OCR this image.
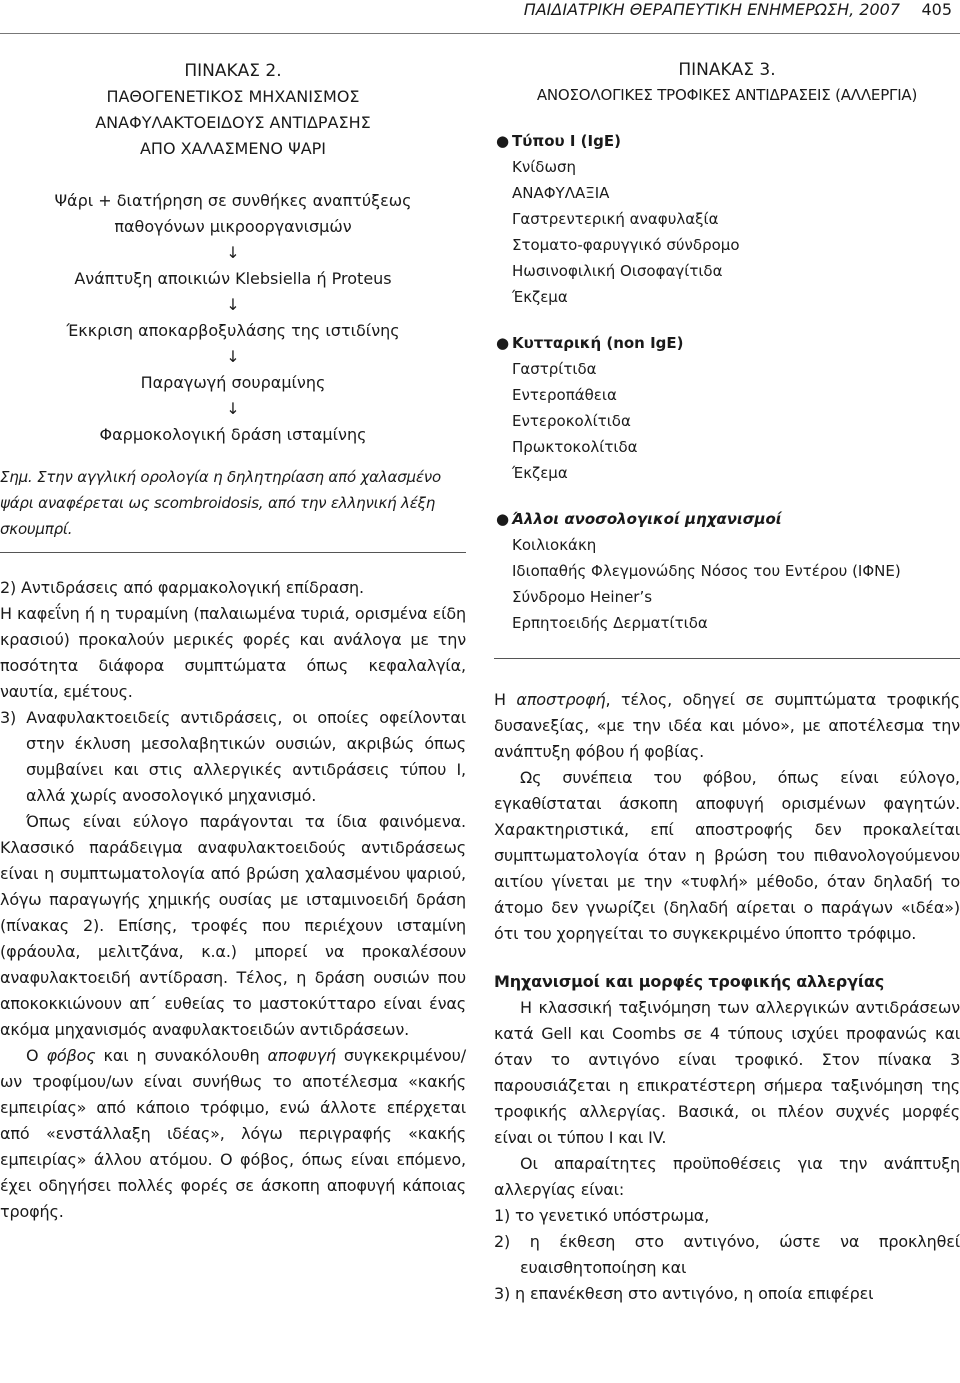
ΠΑΙΔΙΑΤΡΙΚΗ ΘΕΡΑΠΕΥΤΙΚΗ ΕΝΗΜΕΡΩΣΗ, 2007 405
ΠΙΝΑΚΑΣ 2.
ΠΑΘΟΓΕΝΕΤΙΚΟΣ ΜΗΧΑΝΙΣΜΟΣ
ΑΝΑΦΥΛΑΚΤΟΕΙΔΟΥΣ ΑΝΤΙΔΡΑΣΗΣ
ΑΠΟ ΧΑΛΑΣΜΕΝΟ ΨΑΡΙ
Ψάρι + διατήρηση σε συνθήκες αναπτύξεως
παθογόνων μικροοργανισμών
↓
Ανάπτυξη αποικιών Klebsiella ή Proteus
↓
Έκκριση αποκαρβοξυλάσης της ιστιδίνης
↓
Παραγωγή σουραμίνης
↓
Φαρμοκολογική δράση ισταμίνης

Σημ. Στην αγγλική ορολογία η δηλητηρίαση από χαλασμένο ψάρι αναφέρεται ως scombroidosis, από την ελληνική λέξη σκουμπρί.

2) Αντιδράσεις από φαρμακολογική επίδραση.

Η καφεΐνη ή η τυραμίνη (παλαιωμένα τυριά, ορισμένα είδη κρασιού) προκαλούν μερικές φορές και ανάλογα με την ποσότητα διάφορα συμπτώματα όπως κεφαλαλγία, ναυτία, εμέτους.

3) Αναφυλακτοειδείς αντιδράσεις, οι οποίες οφείλονται στην έκλυση μεσολαβητικών ουσιών, ακριβώς όπως συμβαίνει και στις αλλεργικές αντιδράσεις τύπου Ι, αλλά χωρίς ανοσολογικό μηχανισμό.

Όπως είναι εύλογο παράγονται τα ίδια φαινόμενα. Κλασσικό παράδειγμα αναφυλακτοειδούς αντιδράσεως είναι η συμπτωματολογία από βρώση χαλασμένου ψαριού, λόγω παραγωγής χημικής ουσίας με ισταμινοειδή δράση (πίνακας 2). Επίσης, τροφές που περιέχουν ισταμίνη (φράουλα, μελιτζάνα, κ.α.) μπορεί να προκαλέσουν αναφυλακτοειδή αντίδραση. Τέλος, η δράση ουσιών που αποκοκκιώνουν απ΄ ευθείας το μαστοκύτταρο είναι ένας ακόμα μηχανισμός αναφυλακτοειδών αντιδράσεων.

Ο φόβος και η συνακόλουθη αποφυγή συγκεκριμένου/ων τροφίμου/ων είναι συνήθως το αποτέλεσμα «κακής εμπειρίας» από κάποιο τρόφιμο, ενώ άλλοτε επέρχεται από «ενστάλλαξη ιδέας», λόγω περιγραφής «κακής εμπειρίας» άλλου ατόμου. Ο φόβος, όπως είναι επόμενο, έχει οδηγήσει πολλές φορές σε άσκοπη αποφυγή κάποιας τροφής.

ΠΙΝΑΚΑΣ 3.
ΑΝΟΣΟΛΟΓΙΚΕΣ ΤΡΟΦΙΚΕΣ ΑΝΤΙΔΡΑΣΕΙΣ (ΑΛΛΕΡΓΙΑ)
● Τύπου Ι (IgE)
Κνίδωση
ΑΝΑΦΥΛΑΞΙΑ
Γαστρεντερική αναφυλαξία
Στοματο-φαρυγγικό σύνδρομο
Ηωσινοφιλική Οισοφαγίτιδα
Έκζεμα
● Κυτταρική (non IgE)
Γαστρίτιδα
Εντεροπάθεια
Εντεροκολίτιδα
Πρωκτοκολίτιδα
Έκζεμα
● Άλλοι ανοσολογικοί μηχανισμοί
Κοιλιοκάκη
Ιδιοπαθής Φλεγμονώδης Νόσος του Εντέρου (ΙΦΝΕ)
Σύνδρομο Heiner’s
Ερπητοειδής Δερματίτιδα

Η αποστροφή, τέλος, οδηγεί σε συμπτώματα τροφικής δυσανεξίας, «με την ιδέα και μόνο», με αποτέλεσμα την ανάπτυξη φόβου ή φοβίας.

Ως συνέπεια του φόβου, όπως είναι εύλογο, εγκαθίσταται άσκοπη αποφυγή ορισμένων φαγητών. Χαρακτηριστικά, επί αποστροφής δεν προκαλείται συμπτωματολογία όταν η βρώση του πιθανολογούμενου αιτίου γίνεται με την «τυφλή» μέθοδο, όταν δηλαδή το άτομο δεν γνωρίζει (δηλαδή αίρεται ο παράγων «ιδέα») ότι του χορηγείται το συγκεκριμένο ύποπτο τρόφιμο.

Μηχανισμοί και μορφές τροφικής αλλεργίας

Η κλασσική ταξινόμηση των αλλεργικών αντιδράσεων κατά Gell και Coombs σε 4 τύπους ισχύει προφανώς και όταν το αντιγόνο είναι τροφικό. Στον πίνακα 3 παρουσιάζεται η επικρατέστερη σήμερα ταξινόμηση της τροφικής αλλεργίας. Βασικά, οι πλέον συχνές μορφές είναι οι τύπου Ι και IV.

Οι απαραίτητες προϋποθέσεις για την ανάπτυξη αλλεργίας είναι:

1) το γενετικό υπόστρωμα,

2) η έκθεση στο αντιγόνο, ώστε να προκληθεί ευαισθητοποίηση και

3) η επανέκθεση στο αντιγόνο, η οποία επιφέρει
